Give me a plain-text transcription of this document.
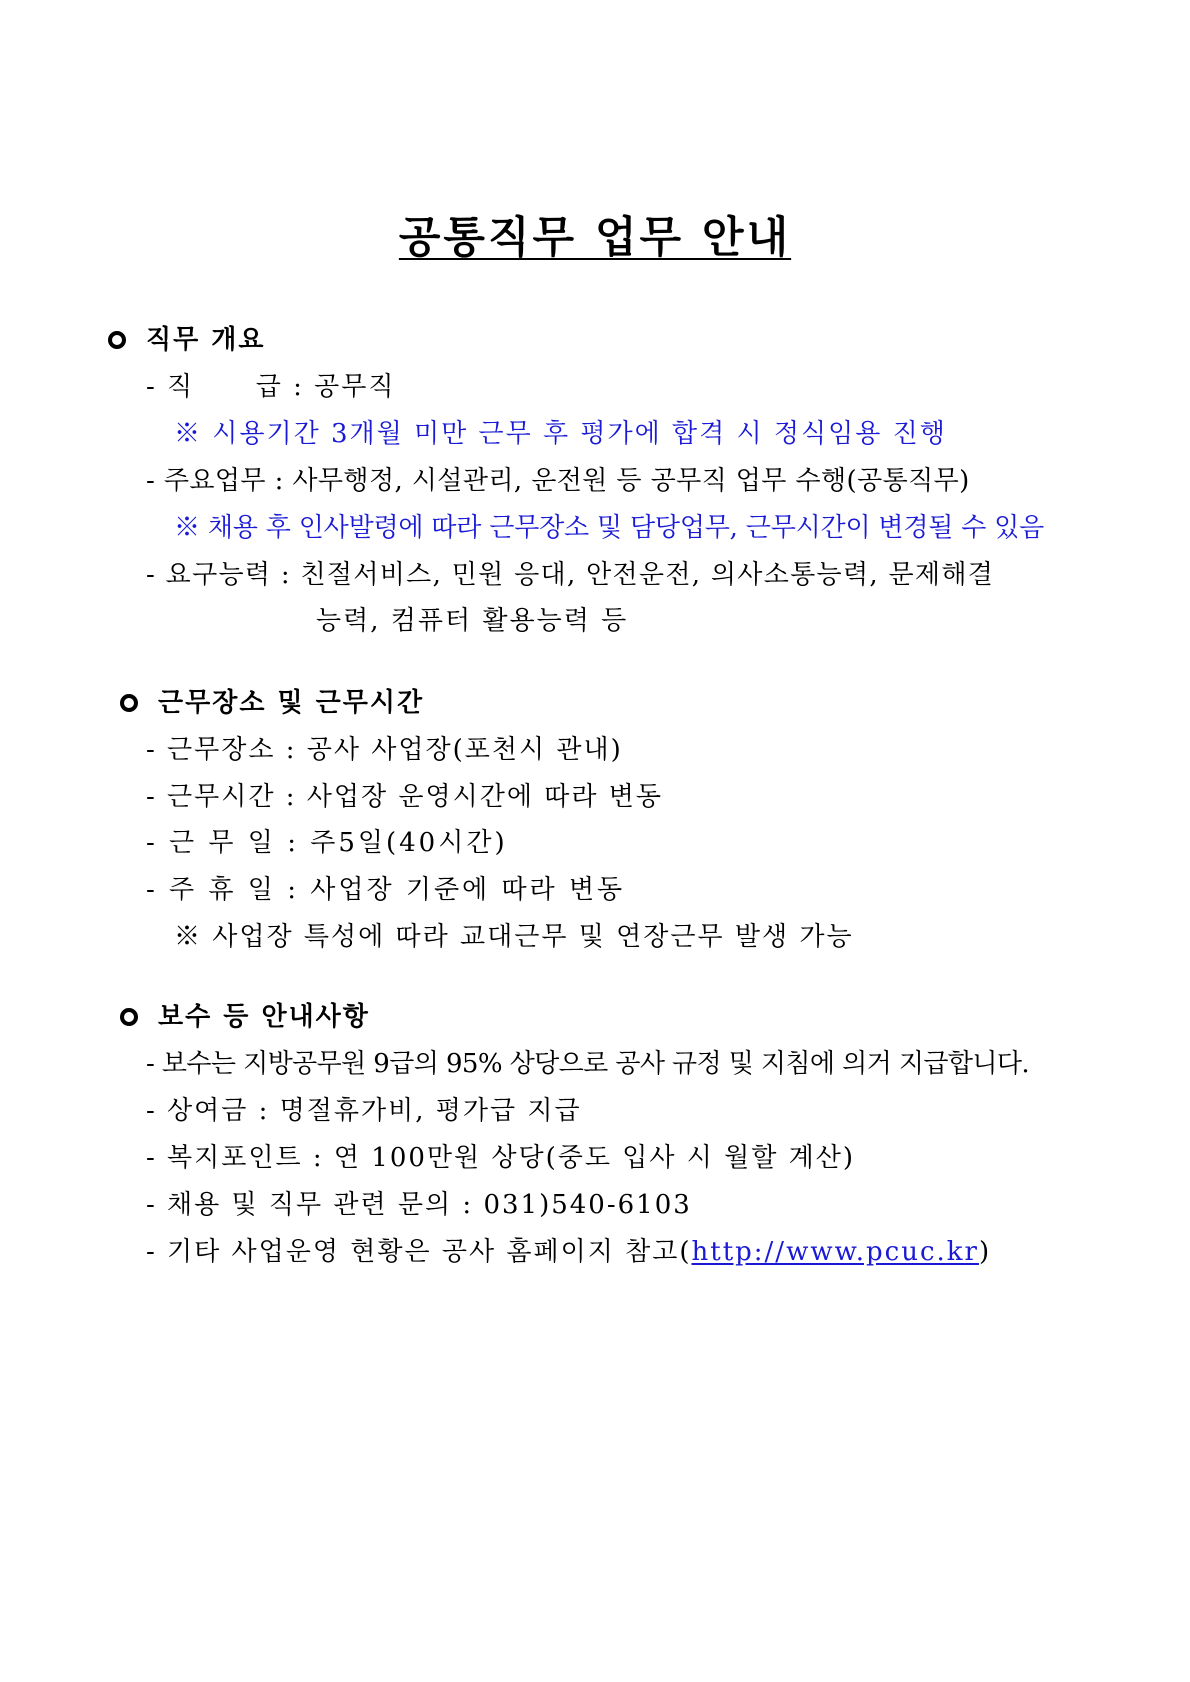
공통직무 업무 안내
직무 개요
- 직      급 : 공무직
※ 시용기간 3개월 미만 근무 후 평가에 합격 시 정식임용 진행
- 주요업무 : 사무행정, 시설관리, 운전원 등 공무직 업무 수행(공통직무)
※ 채용 후 인사발령에 따라 근무장소 및 담당업무, 근무시간이 변경될 수 있음
- 요구능력 : 친절서비스, 민원 응대, 안전운전, 의사소통능력, 문제해결
능력, 컴퓨터 활용능력 등
근무장소 및 근무시간
- 근무장소 : 공사 사업장(포천시 관내)
- 근무시간 : 사업장 운영시간에 따라 변동
- 근 무 일 : 주5일(40시간)
- 주 휴 일 : 사업장 기준에 따라 변동
※ 사업장 특성에 따라 교대근무 및 연장근무 발생 가능
보수 등 안내사항
- 보수는 지방공무원 9급의 95% 상당으로 공사 규정 및 지침에 의거 지급합니다.
- 상여금 : 명절휴가비, 평가급 지급
- 복지포인트 : 연 100만원 상당(중도 입사 시 월할 계산)
- 채용 및 직무 관련 문의 : 031)540-6103
- 기타 사업운영 현황은 공사 홈페이지 참고(http://www.pcuc.kr)
